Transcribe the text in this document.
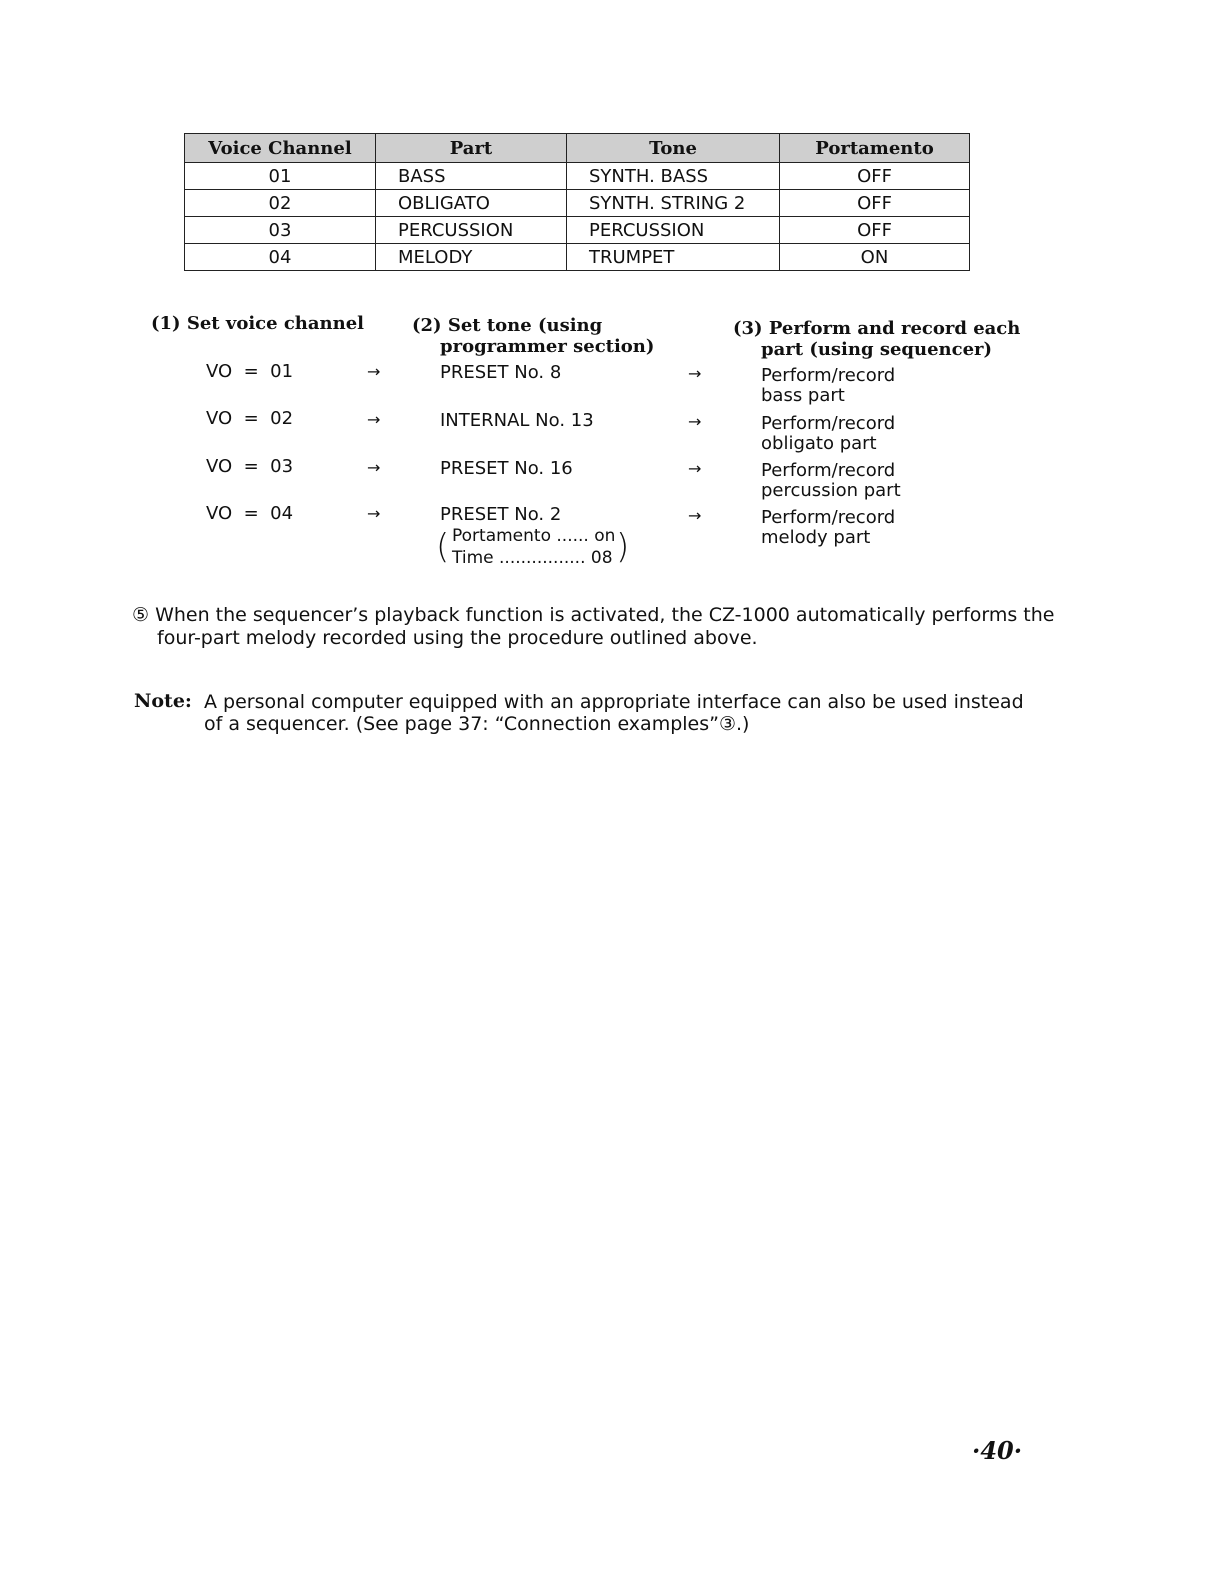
Voice Channel	Part	Tone	Portamento
01	BASS	SYNTH. BASS	OFF
02	OBLIGATO	SYNTH. STRING 2	OFF
03	PERCUSSION	PERCUSSION	OFF
04	MELODY	TRUMPET	ON
(1) Set voice channel	(2) Set tone (using
programmer section)
(3) Perform and record each
part (using sequencer)
VO  =  01	→	PRESET No. 8	→	Perform/record
bass part
VO  =  02	→	INTERNAL No. 13	→	Perform/record
obligato part
VO  =  03	→	PRESET No. 16	→	Perform/record
percussion part
VO  =  04	→	PRESET No. 2	→	Perform/record
melody part
( Portamento ...... on
Time ................ 08 )
⑤ When the sequencer’s playback function is activated, the CZ-1000 automatically performs the
four-part melody recorded using the procedure outlined above.
Note: A personal computer equipped with an appropriate interface can also be used instead
of a sequencer. (See page 37: “Connection examples”③.)
·40·
